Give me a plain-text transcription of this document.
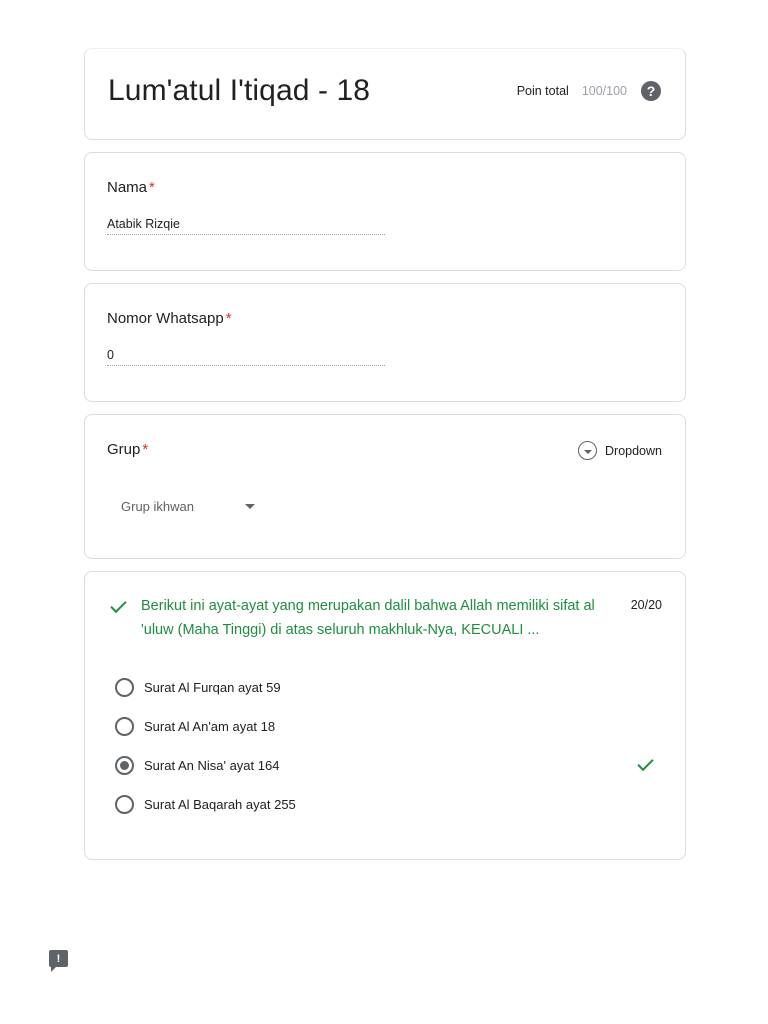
Lum'atul I'tiqad - 18	Poin total 100/100	?
Nama *
Atabik Rizqie
Nomor Whatsapp *
0
Grup *	Dropdown
Grup ikhwan
Berikut ini ayat-ayat yang merupakan dalil bahwa Allah memiliki sifat al 'uluw (Maha Tinggi) di atas seluruh makhluk-Nya, KECUALI ...
20/20
Surat Al Furqan ayat 59
Surat Al An'am ayat 18
Surat An Nisa' ayat 164
Surat Al Baqarah ayat 255
!
